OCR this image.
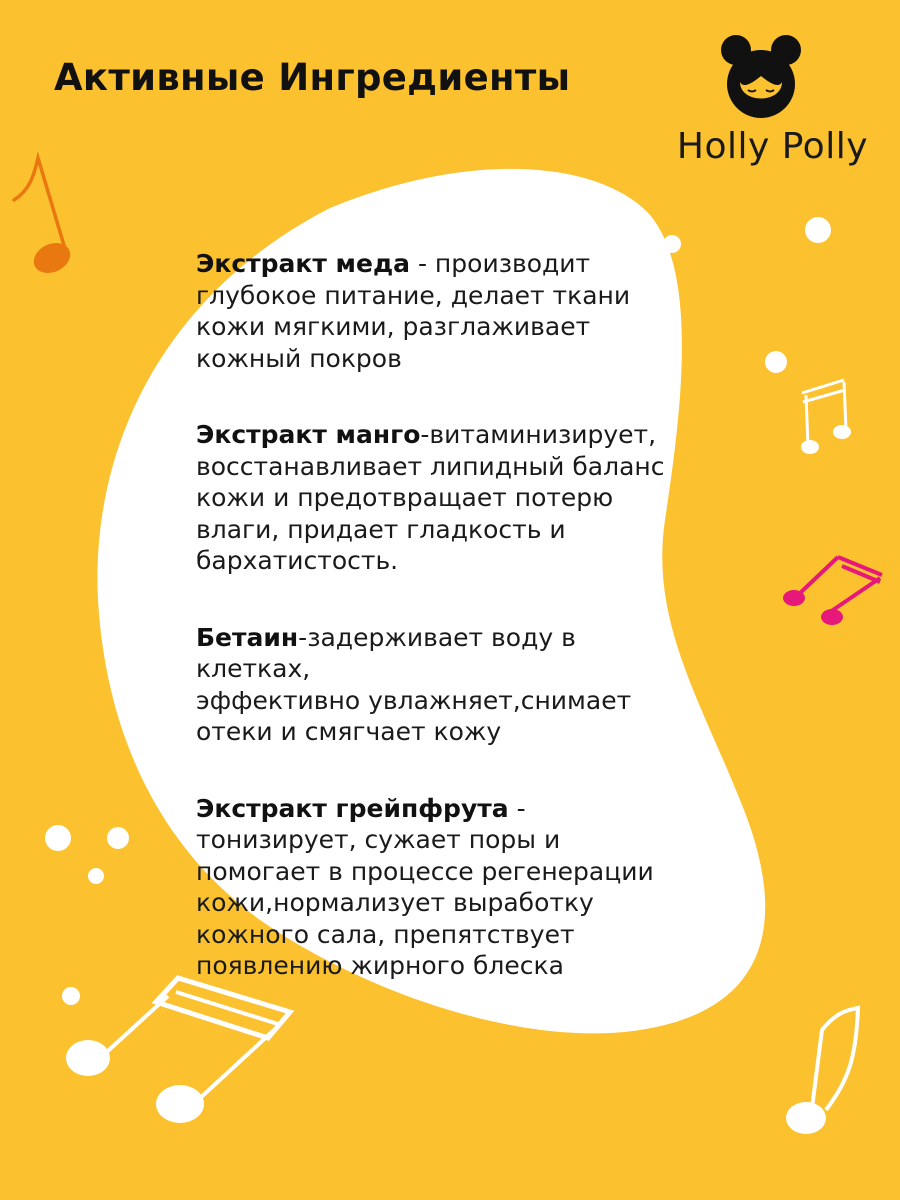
Активные Ингредиенты
Holly Polly

Экстракт меда - производит
глубокое питание, делает ткани
кожи мягкими, разглаживает
кожный покров

Экстракт манго-витаминизирует,
восстанавливает липидный баланс
кожи и предотвращает потерю
влаги, придает гладкость и
бархатистость.

Бетаин-задерживает воду в клетках,
эффективно увлажняет,снимает
отеки и смягчает кожу

Экстракт грейпфрута -
тонизирует, сужает поры и
помогает в процессе регенерации
кожи,нормализует выработку
кожного сала, препятствует
появлению жирного блеска
